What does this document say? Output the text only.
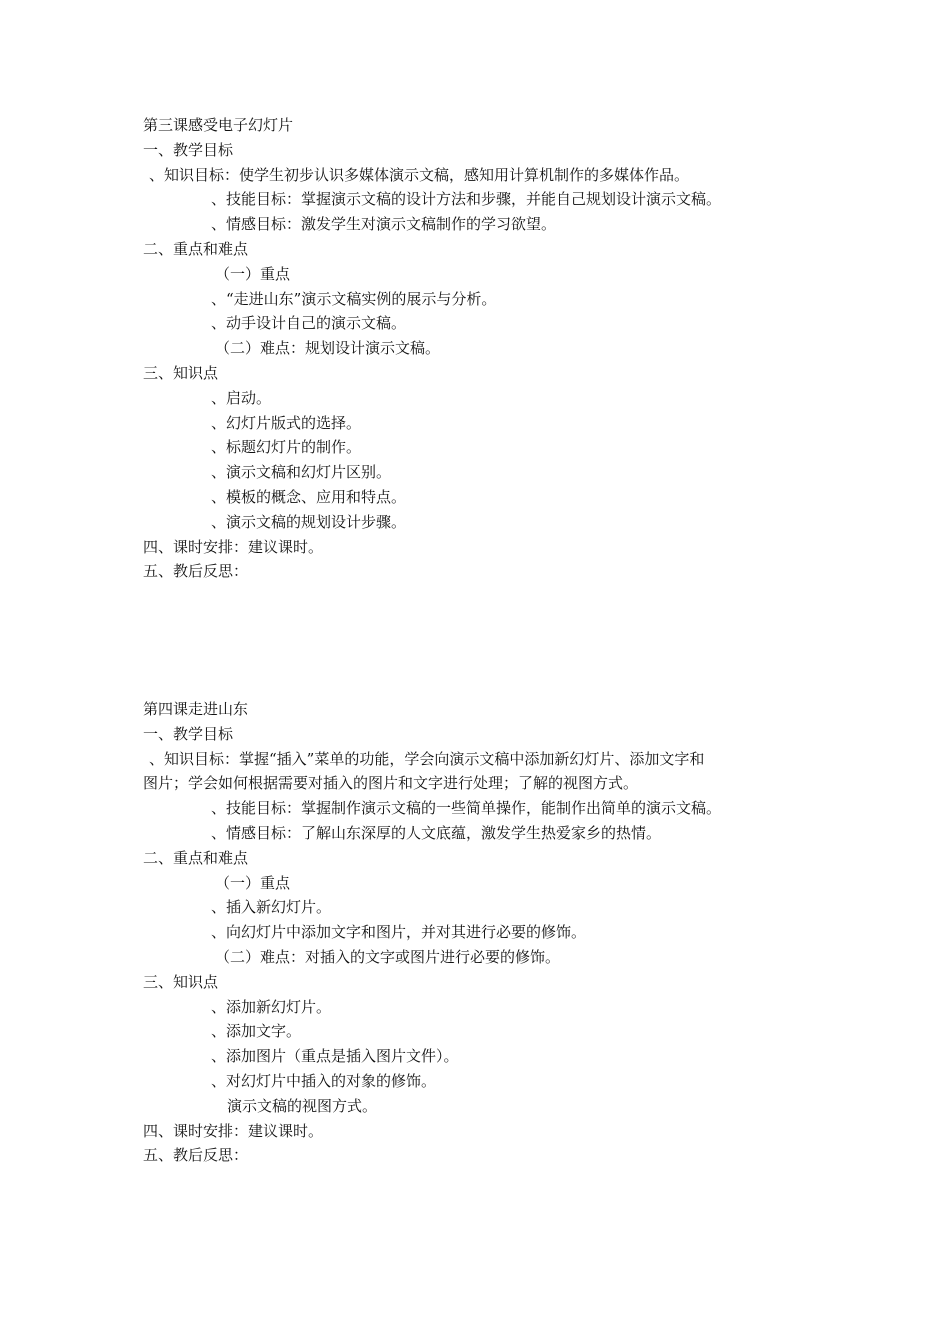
第三课感受电子幻灯片
一、教学目标
、知识目标：使学生初步认识多媒体演示文稿，感知用计算机制作的多媒体作品。
、技能目标：掌握演示文稿的设计方法和步骤，并能自己规划设计演示文稿。
、情感目标：激发学生对演示文稿制作的学习欲望。
二、重点和难点
（一）重点
、“走进山东”演示文稿实例的展示与分析。
、动手设计自己的演示文稿。
（二）难点：规划设计演示文稿。
三、知识点
、启动。
、幻灯片版式的选择。
、标题幻灯片的制作。
、演示文稿和幻灯片区别。
、模板的概念、应用和特点。
、演示文稿的规划设计步骤。
四、课时安排：建议课时。
五、教后反思：
第四课走进山东
一、教学目标
、知识目标：掌握“插入”菜单的功能，学会向演示文稿中添加新幻灯片、添加文字和
图片；学会如何根据需要对插入的图片和文字进行处理；了解的视图方式。
、技能目标：掌握制作演示文稿的一些简单操作，能制作出简单的演示文稿。
、情感目标：了解山东深厚的人文底蕴，激发学生热爱家乡的热情。
二、重点和难点
（一）重点
、插入新幻灯片。
、向幻灯片中添加文字和图片，并对其进行必要的修饰。
（二）难点：对插入的文字或图片进行必要的修饰。
三、知识点
、添加新幻灯片。
、添加文字。
、添加图片（重点是插入图片文件）。
、对幻灯片中插入的对象的修饰。
演示文稿的视图方式。
四、课时安排：建议课时。
五、教后反思：
